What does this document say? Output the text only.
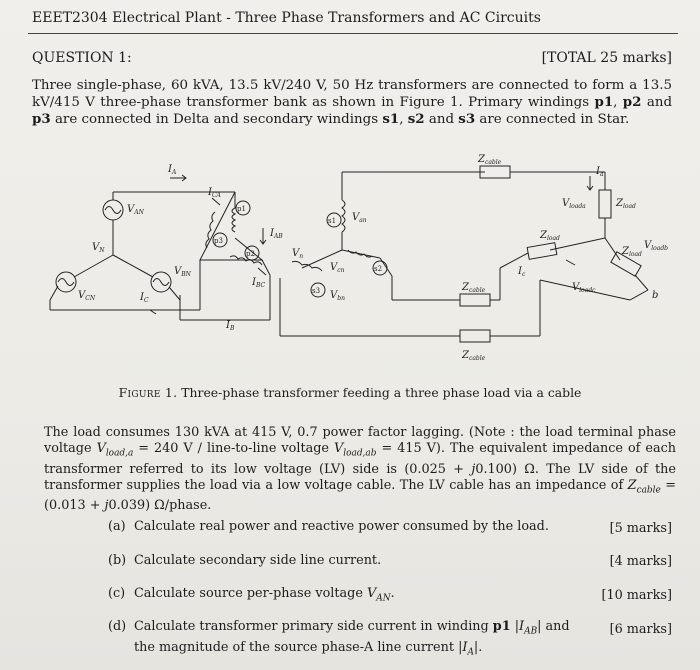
EEET2304 Electrical Plant - Three Phase Transformers and AC Circuits
QUESTION 1:	[TOTAL 25 marks]
Three single-phase, 60 kVA, 13.5 kV/240 V, 50 Hz transformers are connected to form a 13.5 kV/415 V three-phase transformer bank as shown in Figure 1. Primary windings p1, p2 and p3 are connected in Delta and secondary windings s1, s2 and s3 are connected in Star.
$V_{AN}$
$V_N$
$V_{CN}$
$V_{BN}$
$I_A$
$I_C$
$I_B$
$I_{CA}$
$I_{AB}$
$I_{BC}$
p1
p3
p2
s1
s2
s3
$V_{an}$
$V_n$
$V_{cn}$
$V_{bn}$
$Z_{cable}$
$Z_{cable}$
$Z_{cable}$
$Z_{load}$
$Z_{load}$
$Z_{load}$
$V_{loada}$
$V_{loadb}$
$V_{loadc}$
$I_a$
$I_c$
b
Figure 1. Three-phase transformer feeding a three phase load via a cable
The load consumes 130 kVA at 415 V, 0.7 power factor lagging. (Note : the load terminal phase voltage $V_{load,a} = 240$ V / line-to-line voltage $V_{load,ab} = 415$ V). The equivalent impedance of each transformer referred to its low voltage (LV) side is (0.025 + j0.100) Ω. The LV side of the transformer supplies the load via a low voltage cable. The LV cable has an impedance of $Z_{cable} = (0.013 + j0.039)$ Ω/phase.
(a) Calculate real power and reactive power consumed by the load.	[5 marks]
(b) Calculate secondary side line current.	[4 marks]
(c) Calculate source per-phase voltage $V_{AN}$.	[10 marks]
(d) Calculate transformer primary side current in winding p1 $|I_{AB}|$ and
the magnitude of the source phase-A line current $|I_A|$.
[6 marks]
